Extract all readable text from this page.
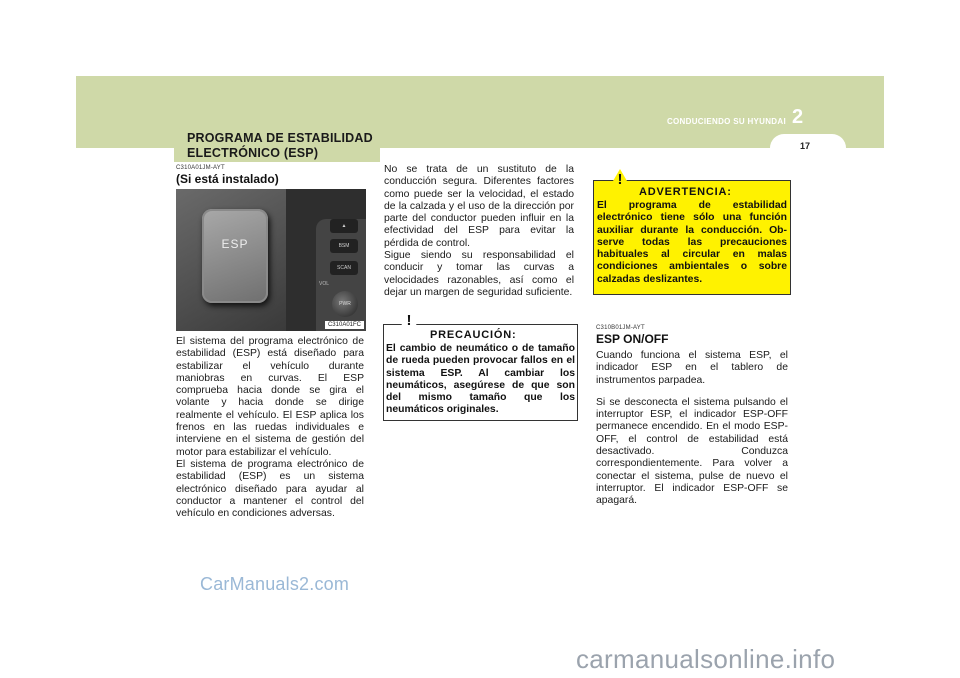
2
CONDUCIENDO SU HYUNDAI
17
PROGRAMA DE ESTABILIDAD
ELECTRÓNICO (ESP)
C310A01JM-AYT
(Si está instalado)
ESP
▲
BSM
SCAN
VOL
PWR
C310A01FC
El sistema del programa electrónico de estabilidad (ESP) está diseñado para estabilizar el vehículo durante maniobras en curvas. El ESP comprueba hacia donde se gira el volante y hacia donde se dirige realmente el vehículo. El ESP aplica los frenos en las ruedas individuales e interviene en el sistema de gestión del motor para estabilizar el vehículo.
El sistema de programa electrónico de estabilidad (ESP) es un sistema electrónico diseñado para ayudar al conductor a mantener el control del vehículo en condiciones adversas.
No se trata de un sustituto de la conducción segura. Diferentes factores como puede ser la velocidad, el estado de la calzada y el uso de la dirección por parte del conductor pueden influir en la efectividad del ESP para evitar la pérdida de control.
Sigue siendo su responsabilidad el conducir y tomar las curvas a velocidades razonables, así como el dejar un margen de seguridad suficiente.
!
PRECAUCIÓN:
El cambio de neumático o de tamaño de rueda pueden provocar fallos en el sistema ESP. Al cambiar los neumáticos, asegúrese de que son del mismo tamaño que los neumáticos originales.
!
ADVERTENCIA:
El programa de estabilidad electrónico tiene sólo una función auxiliar durante la conducción. Ob-serve todas las precauciones habituales al circular en malas condiciones ambientales o sobre calzadas deslizantes.
C310B01JM-AYT
ESP ON/OFF
Cuando funciona el sistema ESP, el indicador ESP en el tablero de instrumentos parpadea.
Si se desconecta el sistema pulsando el interruptor ESP, el indicador ESP-OFF permanece encendido. En el modo ESP-OFF, el control de estabilidad está desactivado. Conduzca correspondientemente. Para volver a conectar el sistema, pulse de nuevo el interruptor. El indicador ESP-OFF se apagará.
CarManuals2.com
carmanualsonline.info
